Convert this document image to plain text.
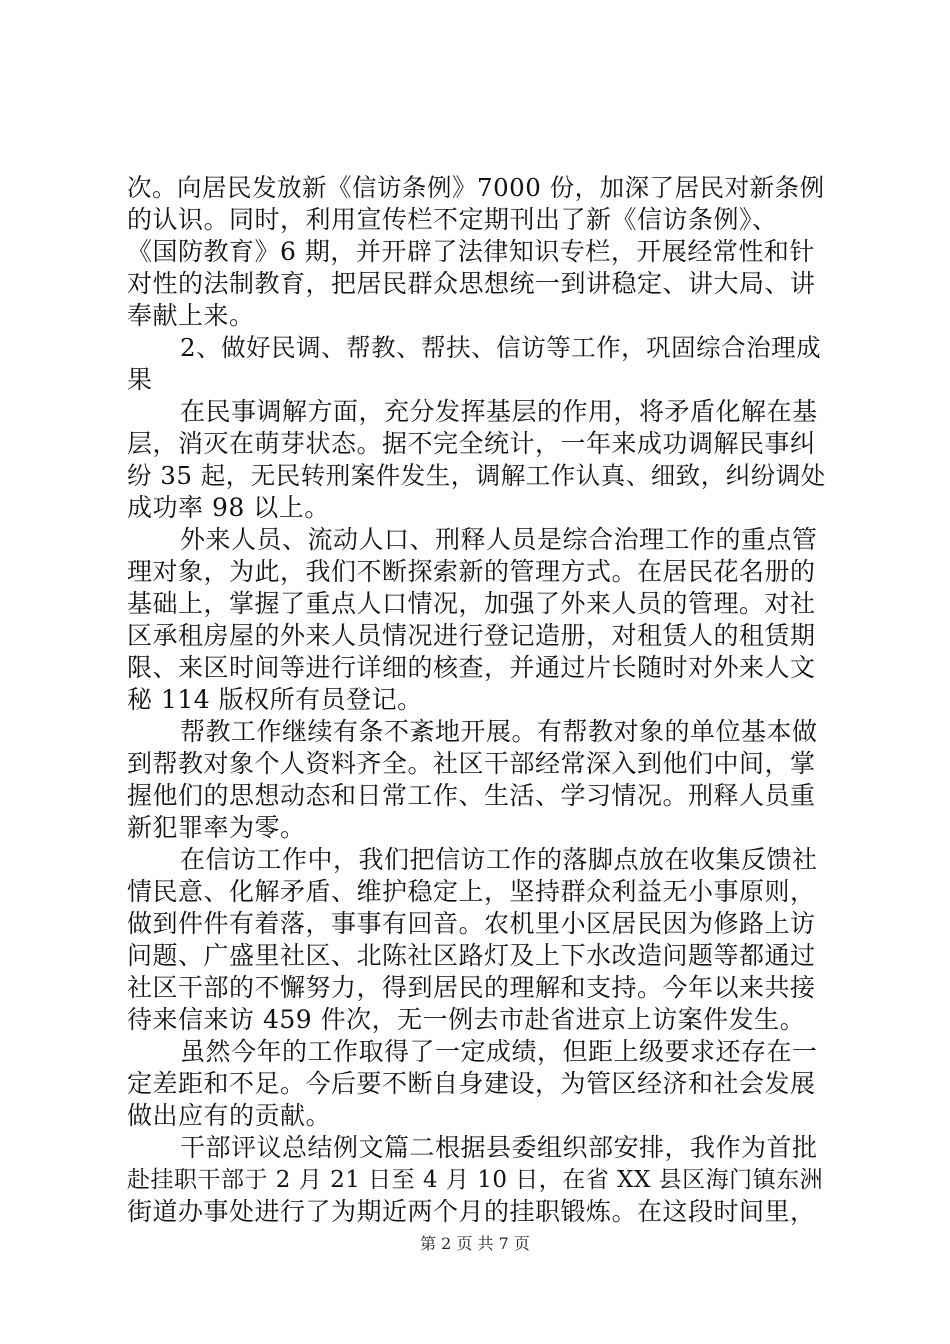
次。向居民发放新《信访条例》7000 份，加深了居民对新条例
的认识。同时，利用宣传栏不定期刊出了新《信访条例》、
《国防教育》6 期，并开辟了法律知识专栏，开展经常性和针
对性的法制教育，把居民群众思想统一到讲稳定、讲大局、讲
奉献上来。
2、做好民调、帮教、帮扶、信访等工作，巩固综合治理成
果
在民事调解方面，充分发挥基层的作用，将矛盾化解在基
层，消灭在萌芽状态。据不完全统计，一年来成功调解民事纠
纷 35 起，无民转刑案件发生，调解工作认真、细致，纠纷调处
成功率 98 以上。
外来人员、流动人口、刑释人员是综合治理工作的重点管
理对象，为此，我们不断探索新的管理方式。在居民花名册的
基础上，掌握了重点人口情况，加强了外来人员的管理。对社
区承租房屋的外来人员情况进行登记造册，对租赁人的租赁期
限、来区时间等进行详细的核查，并通过片长随时对外来人文
秘 114 版权所有员登记。
帮教工作继续有条不紊地开展。有帮教对象的单位基本做
到帮教对象个人资料齐全。社区干部经常深入到他们中间，掌
握他们的思想动态和日常工作、生活、学习情况。刑释人员重
新犯罪率为零。
在信访工作中，我们把信访工作的落脚点放在收集反馈社
情民意、化解矛盾、维护稳定上，坚持群众利益无小事原则，
做到件件有着落，事事有回音。农机里小区居民因为修路上访
问题、广盛里社区、北陈社区路灯及上下水改造问题等都通过
社区干部的不懈努力，得到居民的理解和支持。今年以来共接
待来信来访 459 件次，无一例去市赴省进京上访案件发生。
虽然今年的工作取得了一定成绩，但距上级要求还存在一
定差距和不足。今后要不断自身建设，为管区经济和社会发展
做出应有的贡献。
干部评议总结例文篇二根据县委组织部安排，我作为首批
赴挂职干部于 2 月 21 日至 4 月 10 日，在省 XX 县区海门镇东洲
街道办事处进行了为期近两个月的挂职锻炼。在这段时间里，
第 2 页 共 7 页
